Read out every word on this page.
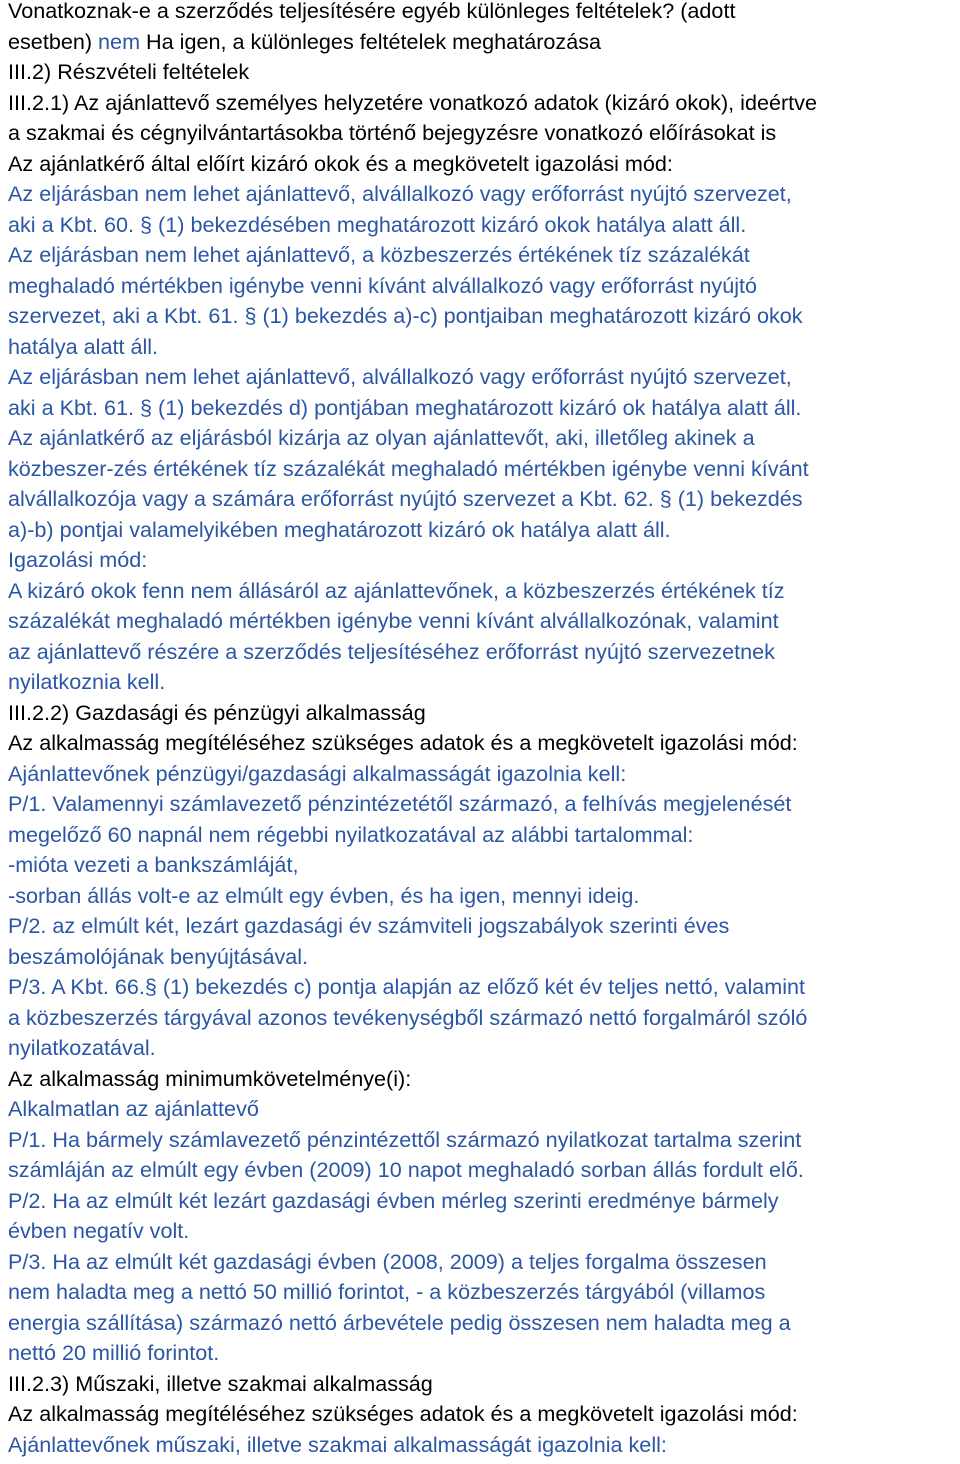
Vonatkoznak-e a szerződés teljesítésére egyéb különleges feltételek? (adott
esetben) nem Ha igen, a különleges feltételek meghatározása
III.2) Részvételi feltételek
III.2.1) Az ajánlattevő személyes helyzetére vonatkozó adatok (kizáró okok), ideértve
a szakmai és cégnyilvántartásokba történő bejegyzésre vonatkozó előírásokat is
Az ajánlatkérő által előírt kizáró okok és a megkövetelt igazolási mód:
Az eljárásban nem lehet ajánlattevő, alvállalkozó vagy erőforrást nyújtó szervezet,
aki a Kbt. 60. § (1) bekezdésében meghatározott kizáró okok hatálya alatt áll.
Az eljárásban nem lehet ajánlattevő, a közbeszerzés értékének tíz százalékát
meghaladó mértékben igénybe venni kívánt alvállalkozó vagy erőforrást nyújtó
szervezet, aki a Kbt. 61. § (1) bekezdés a)-c) pontjaiban meghatározott kizáró okok
hatálya alatt áll.
Az eljárásban nem lehet ajánlattevő, alvállalkozó vagy erőforrást nyújtó szervezet,
aki a Kbt. 61. § (1) bekezdés d) pontjában meghatározott kizáró ok hatálya alatt áll.
Az ajánlatkérő az eljárásból kizárja az olyan ajánlattevőt, aki, illetőleg akinek a
közbeszer-zés értékének tíz százalékát meghaladó mértékben igénybe venni kívánt
alvállalkozója vagy a számára erőforrást nyújtó szervezet a Kbt. 62. § (1) bekezdés
a)-b) pontjai valamelyikében meghatározott kizáró ok hatálya alatt áll.
Igazolási mód:
A kizáró okok fenn nem állásáról az ajánlattevőnek, a közbeszerzés értékének tíz
százalékát meghaladó mértékben igénybe venni kívánt alvállalkozónak, valamint
az ajánlattevő részére a szerződés teljesítéséhez erőforrást nyújtó szervezetnek
nyilatkoznia kell.
III.2.2) Gazdasági és pénzügyi alkalmasság
Az alkalmasság megítéléséhez szükséges adatok és a megkövetelt igazolási mód:
Ajánlattevőnek pénzügyi/gazdasági alkalmasságát igazolnia kell:
P/1. Valamennyi számlavezető pénzintézetétől származó, a felhívás megjelenését
megelőző 60 napnál nem régebbi nyilatkozatával az alábbi tartalommal:
-mióta vezeti a bankszámláját,
-sorban állás volt-e az elmúlt egy évben, és ha igen, mennyi ideig.
P/2. az elmúlt két, lezárt gazdasági év számviteli jogszabályok szerinti éves
beszámolójának benyújtásával.
P/3. A Kbt. 66.§ (1) bekezdés c) pontja alapján az előző két év teljes nettó, valamint
a közbeszerzés tárgyával azonos tevékenységből származó nettó forgalmáról szóló
nyilatkozatával.
Az alkalmasság minimumkövetelménye(i):
Alkalmatlan az ajánlattevő
P/1. Ha bármely számlavezető pénzintézettől származó nyilatkozat tartalma szerint
számláján az elmúlt egy évben (2009) 10 napot meghaladó sorban állás fordult elő.
P/2. Ha az elmúlt két lezárt gazdasági évben mérleg szerinti eredménye bármely
évben negatív volt.
P/3. Ha az elmúlt két gazdasági évben (2008, 2009) a teljes forgalma összesen
nem haladta meg a nettó 50 millió forintot, - a közbeszerzés tárgyából (villamos
energia szállítása) származó nettó árbevétele pedig összesen nem haladta meg a
nettó 20 millió forintot.
III.2.3) Műszaki, illetve szakmai alkalmasság
Az alkalmasság megítéléséhez szükséges adatok és a megkövetelt igazolási mód:
Ajánlattevőnek műszaki, illetve szakmai alkalmasságát igazolnia kell:
